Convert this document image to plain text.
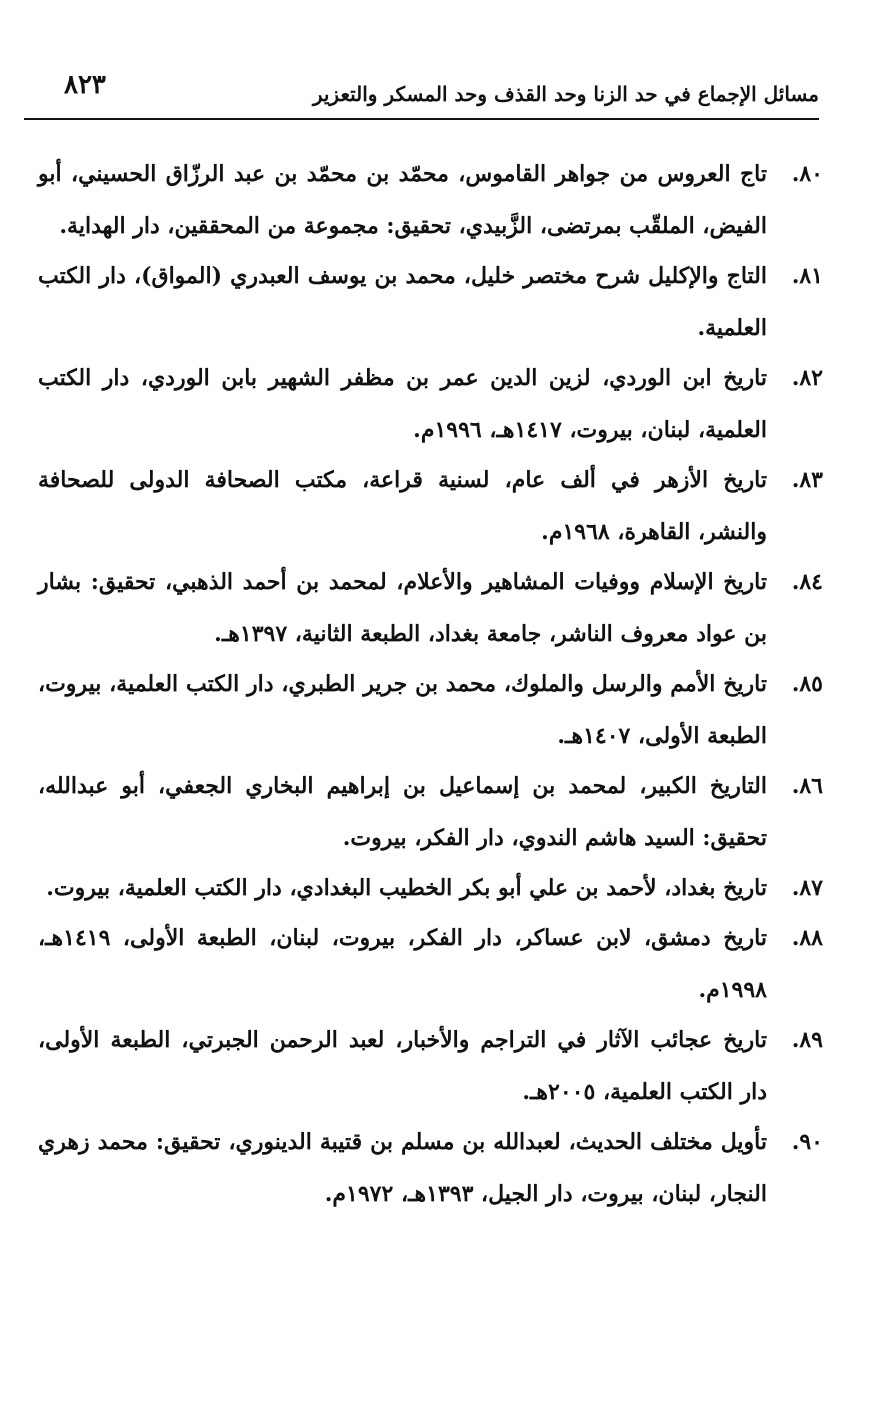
مسائل الإجماع في حد الزنا وحد القذف وحد المسكر والتعزير
٨٢٣
٨٠.
تاج العروس من جواهر القاموس، محمّد بن محمّد بن عبد الرزّاق الحسيني، أبو الفيض، الملقّب بمرتضى، الزَّبيدي، تحقيق: مجموعة من المحققين، دار الهداية.
٨١.
التاج والإكليل شرح مختصر خليل، محمد بن يوسف العبدري (المواق)، دار الكتب العلمية.
٨٢.
تاريخ ابن الوردي، لزين الدين عمر بن مظفر الشهير بابن الوردي، دار الكتب العلمية، لبنان، بيروت، ١٤١٧هـ، ١٩٩٦م.
٨٣.
تاريخ الأزهر في ألف عام، لسنية قراعة، مكتب الصحافة الدولى للصحافة والنشر، القاهرة، ١٩٦٨م.
٨٤.
تاريخ الإسلام ووفيات المشاهير والأعلام، لمحمد بن أحمد الذهبي، تحقيق: بشار بن عواد معروف الناشر، جامعة بغداد، الطبعة الثانية، ١٣٩٧هـ.
٨٥.
تاريخ الأمم والرسل والملوك، محمد بن جرير الطبري، دار الكتب العلمية، بيروت، الطبعة الأولى، ١٤٠٧هـ.
٨٦.
التاريخ الكبير، لمحمد بن إسماعيل بن إبراهيم البخاري الجعفي، أبو عبدالله، تحقيق: السيد هاشم الندوي، دار الفكر، بيروت.
٨٧.
تاريخ بغداد، لأحمد بن علي أبو بكر الخطيب البغدادي، دار الكتب العلمية، بيروت.
٨٨.
تاريخ دمشق، لابن عساكر، دار الفكر، بيروت، لبنان، الطبعة الأولى، ١٤١٩هـ، ١٩٩٨م.
٨٩.
تاريخ عجائب الآثار في التراجم والأخبار، لعبد الرحمن الجبرتي، الطبعة الأولى، دار الكتب العلمية، ٢٠٠٥هـ.
٩٠.
تأويل مختلف الحديث، لعبدالله بن مسلم بن قتيبة الدينوري، تحقيق: محمد زهري النجار، لبنان، بيروت، دار الجيل، ١٣٩٣هـ، ١٩٧٢م.
